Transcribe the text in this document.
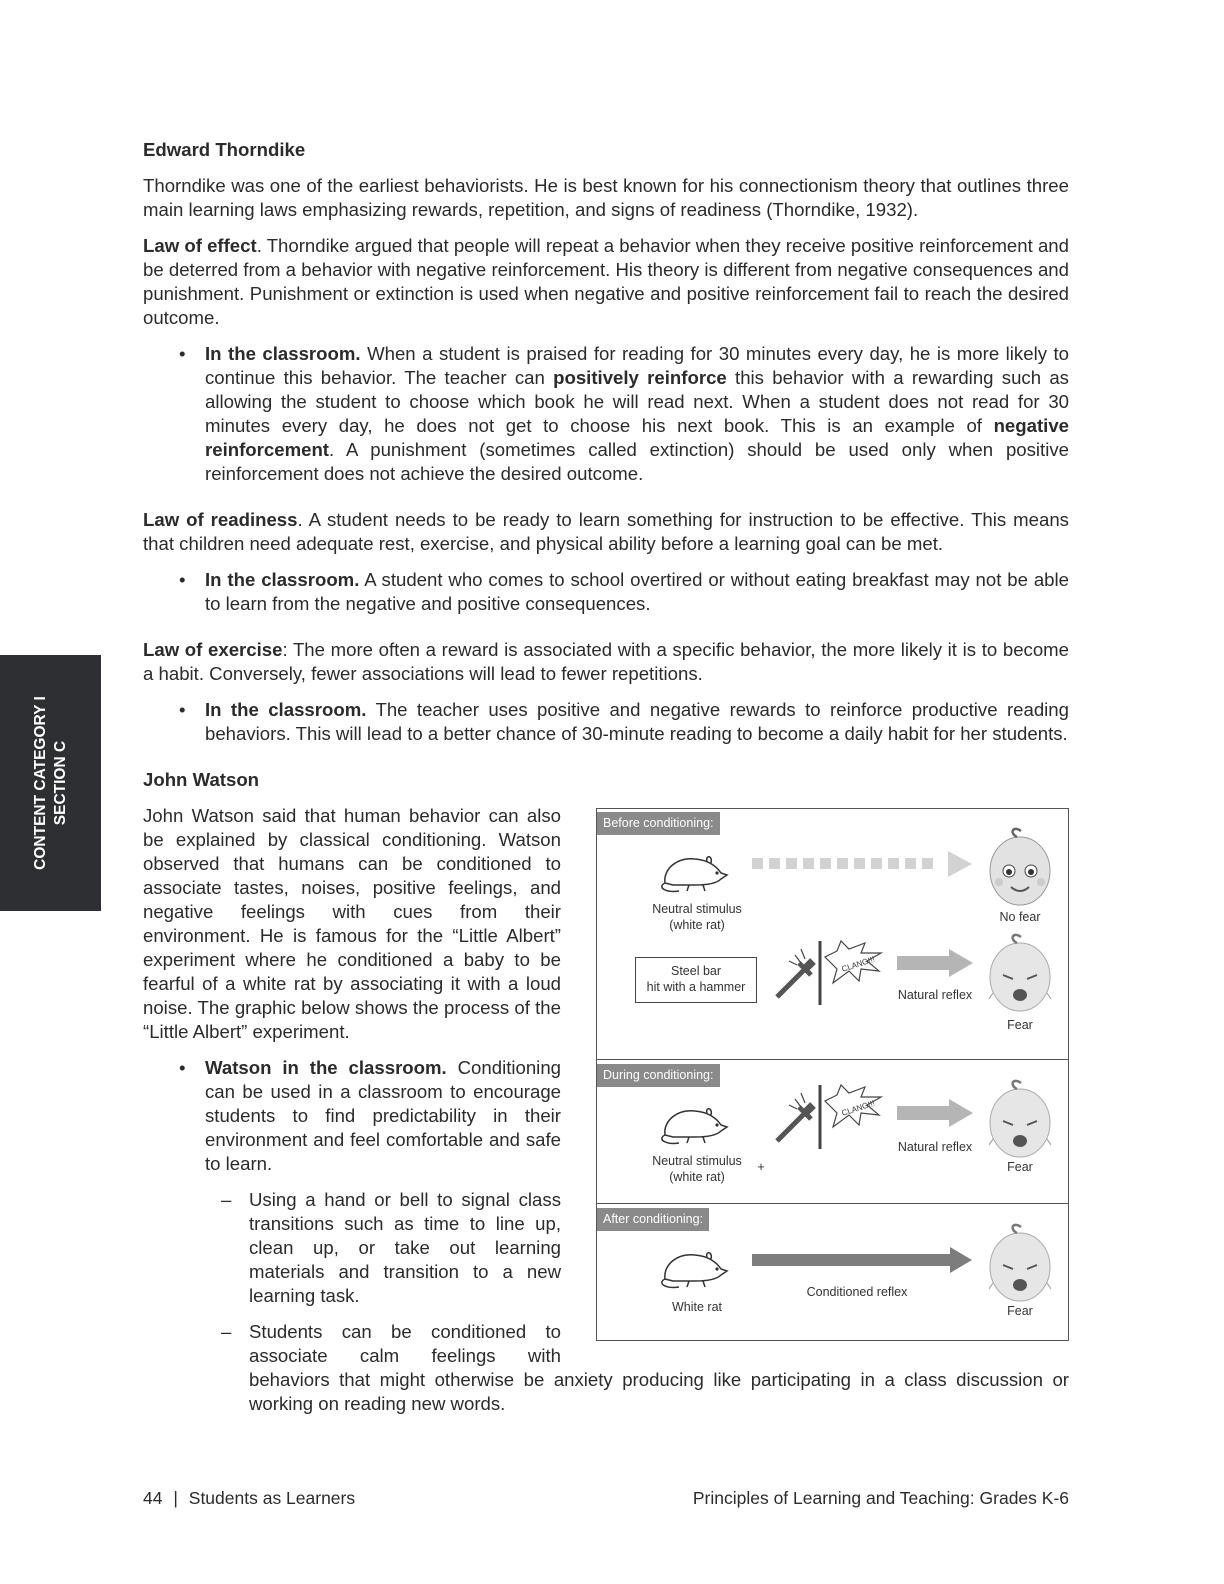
CONTENT CATEGORY I SECTION C
Edward Thorndike

Thorndike was one of the earliest behaviorists. He is best known for his connectionism theory that outlines three main learning laws emphasizing rewards, repetition, and signs of readiness (Thorndike, 1932).

Law of effect. Thorndike argued that people will repeat a behavior when they receive positive reinforcement and be deterred from a behavior with negative reinforcement. His theory is different from negative consequences and punishment. Punishment or extinction is used when negative and positive reinforcement fail to reach the desired outcome.

• In the classroom. When a student is praised for reading for 30 minutes every day, he is more likely to continue this behavior. The teacher can positively reinforce this behavior with a rewarding such as allowing the student to choose which book he will read next. When a student does not read for 30 minutes every day, he does not get to choose his next book. This is an example of negative reinforcement. A punishment (sometimes called extinction) should be used only when positive reinforcement does not achieve the desired outcome.

Law of readiness. A student needs to be ready to learn something for instruction to be effective. This means that children need adequate rest, exercise, and physical ability before a learning goal can be met.

• In the classroom. A student who comes to school overtired or without eating breakfast may not be able to learn from the negative and positive consequences.

Law of exercise: The more often a reward is associated with a specific behavior, the more likely it is to become a habit. Conversely, fewer associations will lead to fewer repetitions.

• In the classroom. The teacher uses positive and negative rewards to reinforce productive reading behaviors. This will lead to a better chance of 30-minute reading to become a daily habit for her students.

John Watson

John Watson said that human behavior can also be explained by classical conditioning. Watson observed that humans can be conditioned to associate tastes, noises, positive feelings, and negative feelings with cues from their environment. He is famous for the “Little Albert” experiment where he conditioned a baby to be fearful of a white rat by associating it with a loud noise. The graphic below shows the process of the “Little Albert” experiment.

• Watson in the classroom. Conditioning can be used in a classroom to encourage students to find predictability in their environment and feel comfortable and safe to learn.

– Using a hand or bell to signal class transitions such as time to line up, clean up, or take out learning materials and transition to a new learning task.

– Students can be conditioned to associate calm feelings with

behaviors that might otherwise be anxiety producing like participating in a class discussion or working on reading new words.

Before conditioning:
Neutral stimulus
(white rat)
No fear
Steel bar
hit with a hammer
CLANG!!!
Natural reflex
Fear
During conditioning:
Neutral stimulus
(white rat)
+
CLANG!!!
Natural reflex
Fear
After conditioning:
White rat
Conditioned reflex
Fear
44 | Students as Learners	Principles of Learning and Teaching: Grades K-6
